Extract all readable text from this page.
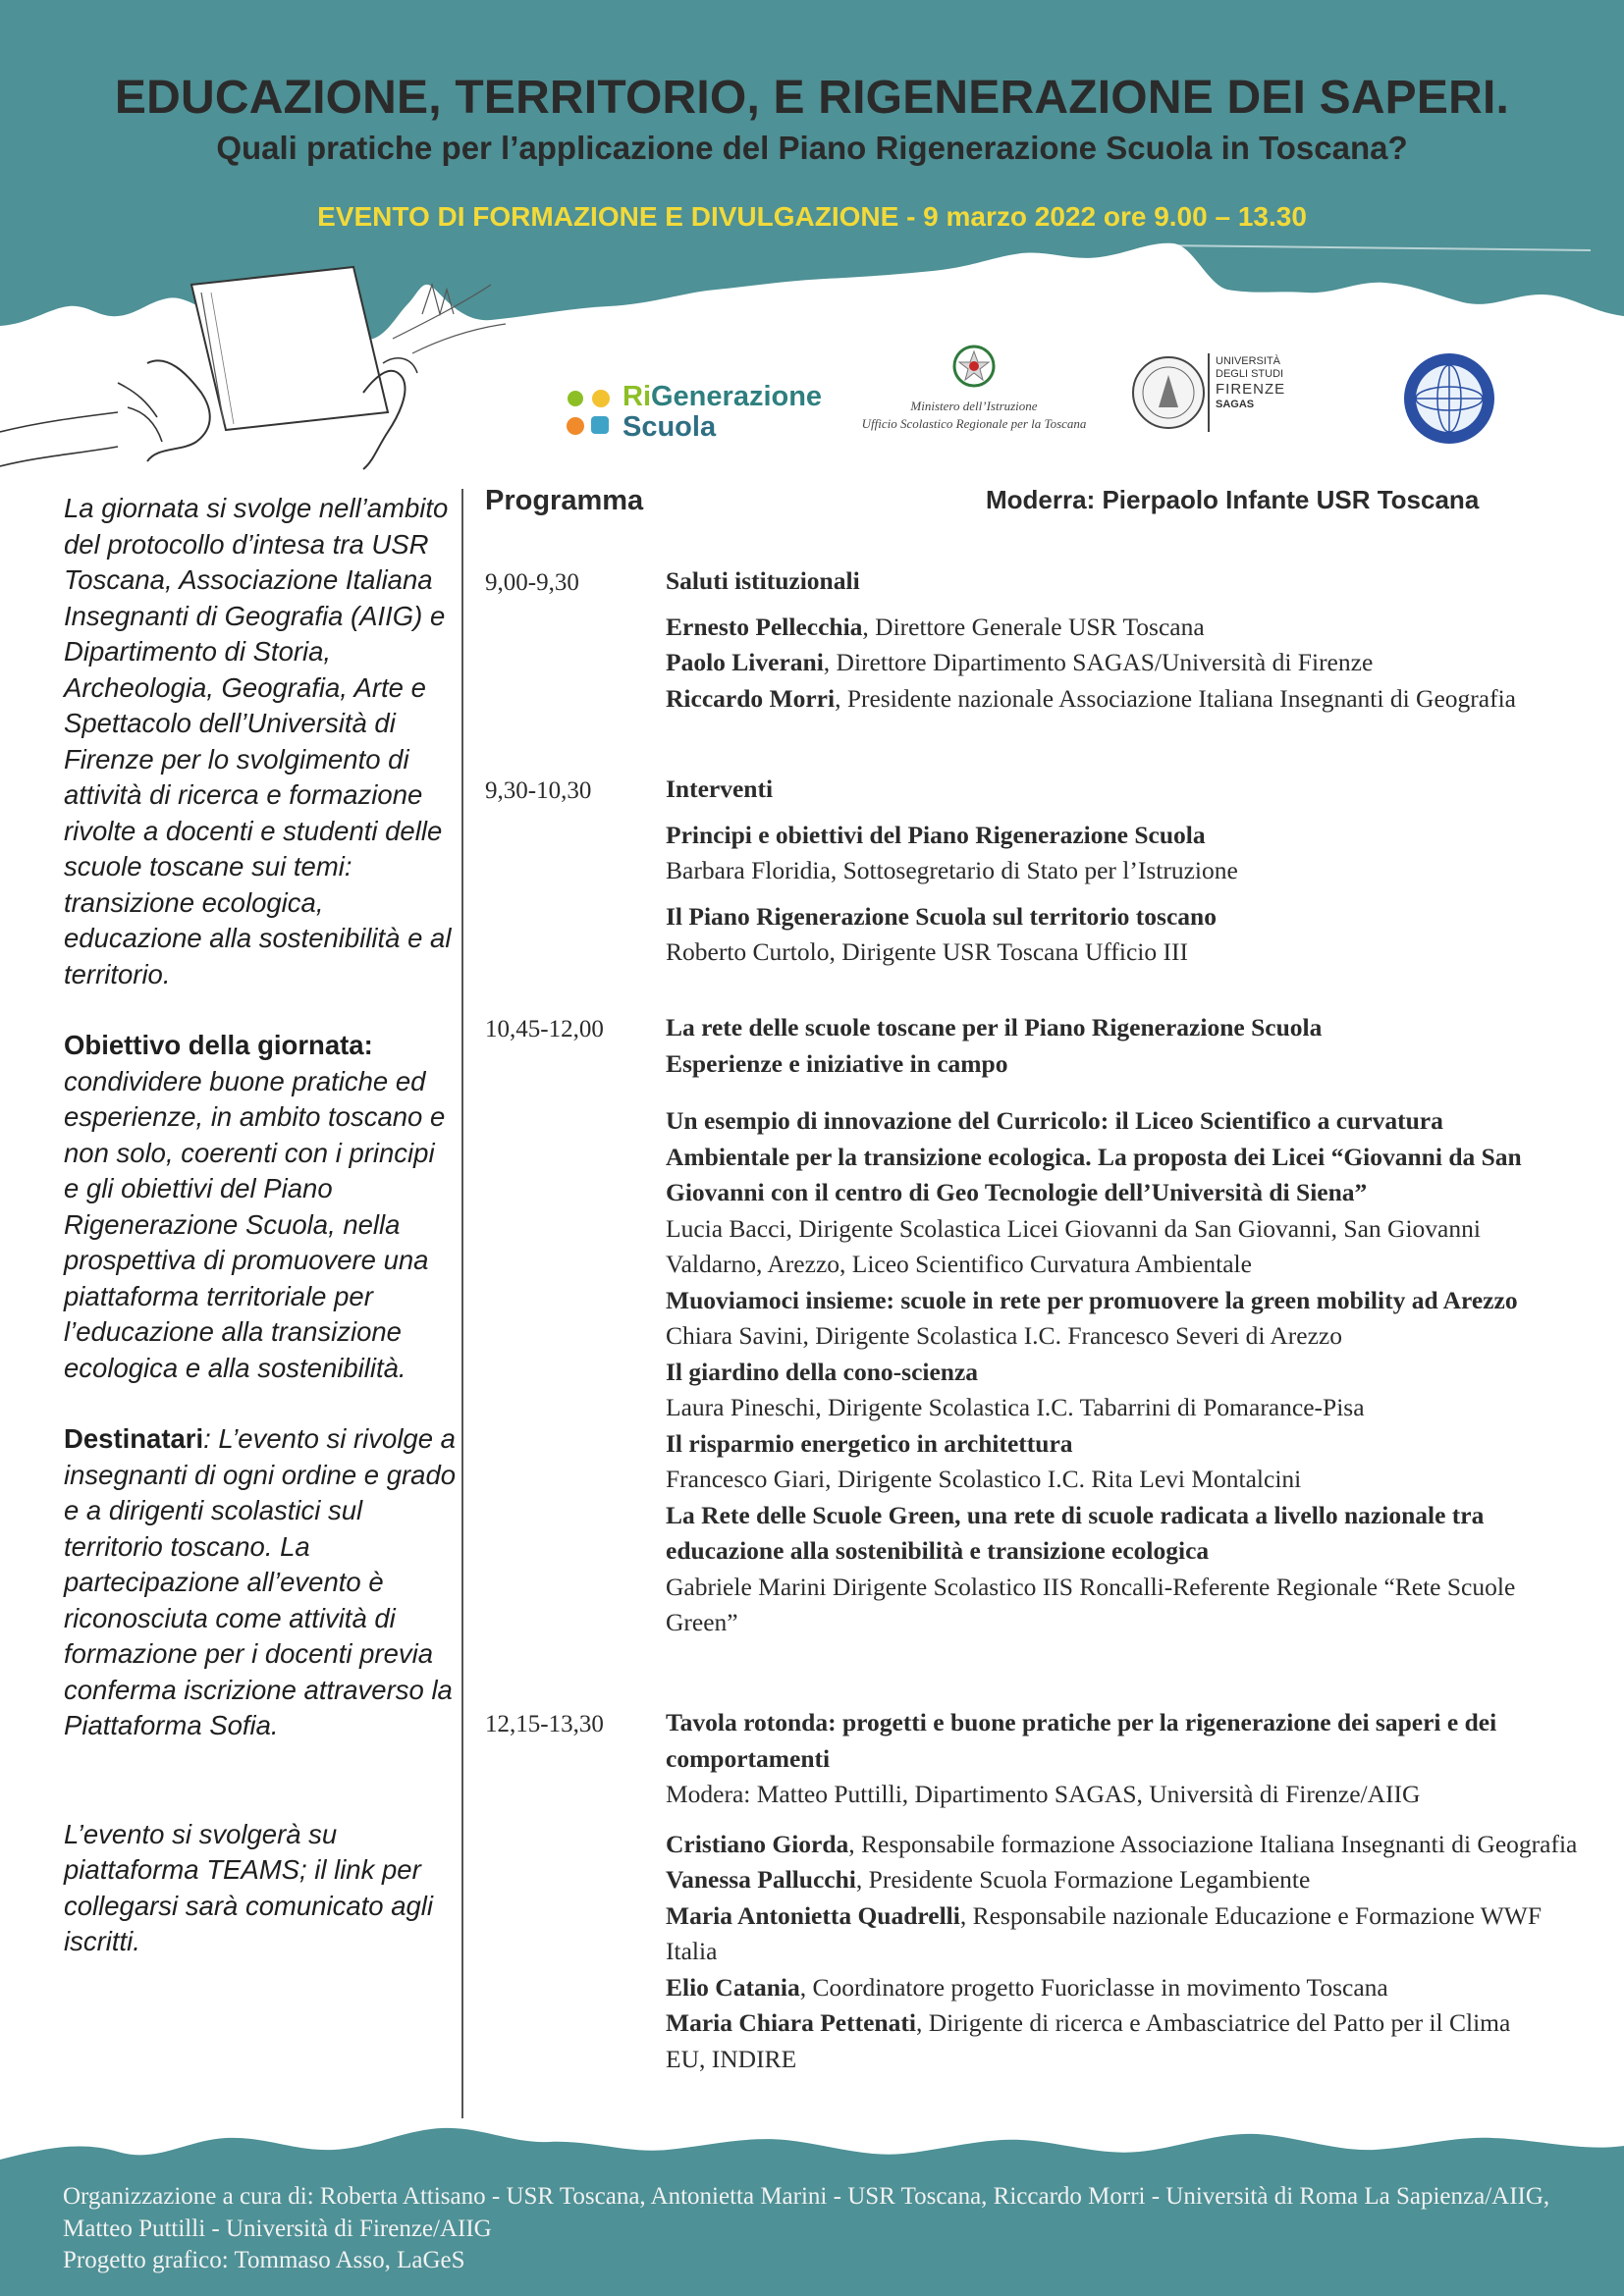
EDUCAZIONE, TERRITORIO, E RIGENERAZIONE DEI SAPERI.
Quali pratiche per l’applicazione del Piano Rigenerazione Scuola in Toscana?
EVENTO DI FORMAZIONE E DIVULGAZIONE - 9 marzo 2022 ore 9.00 – 13.30
RiGenerazione
Scuola
Ministero dell’Istruzione
Ufficio Scolastico Regionale per la Toscana
UNIVERSITÀ
DEGLI STUDI
FIRENZE
SAGAS

La giornata si svolge nell’ambito del protocollo d’intesa tra USR Toscana, Associazione Italiana Insegnanti di Geografia (AIIG) e Dipartimento di Storia, Archeologia, Geografia, Arte e Spettacolo dell’Università di Firenze per lo svolgimento di attività di ricerca e formazione rivolte a docenti e studenti delle scuole toscane sui temi: transizione ecologica, educazione alla sostenibilità e al territorio.

Obiettivo della giornata:
condividere buone pratiche ed esperienze, in ambito toscano e non solo, coerenti con i principi e gli obiettivi del Piano Rigenerazione Scuola, nella prospettiva di promuovere una piattaforma territoriale per l’educazione alla transizione ecologica e alla sostenibilità.

Destinatari: L’evento si rivolge a insegnanti di ogni ordine e grado e a dirigenti scolastici sul territorio toscano. La partecipazione all’evento è riconosciuta come attività di formazione per i docenti previa conferma iscrizione attraverso la Piattaforma Sofia.

L’evento si svolgerà su piattaforma TEAMS; il link per collegarsi sarà comunicato agli iscritti.

Programma	Moderra: Pierpaolo Infante USR Toscana
9,00-9,30	Saluti istituzionali

Ernesto Pellecchia, Direttore Generale USR Toscana

Paolo Liverani, Direttore Dipartimento SAGAS/Università di Firenze

Riccardo Morri, Presidente nazionale Associazione Italiana Insegnanti di Geografia

9,30-10,30	Interventi

Principi e obiettivi del Piano Rigenerazione Scuola

Barbara Floridia, Sottosegretario di Stato per l’Istruzione

Il Piano Rigenerazione Scuola sul territorio toscano

Roberto Curtolo, Dirigente USR Toscana Ufficio III

10,45-12,00 La rete delle scuole toscane per il Piano Rigenerazione Scuola

Esperienze e iniziative in campo

Un esempio di innovazione del Curricolo: il Liceo Scientifico a curvatura Ambientale per la transizione ecologica. La proposta dei Licei “Giovanni da San Giovanni con il centro di Geo Tecnologie dell’Università di Siena”

Lucia Bacci, Dirigente Scolastica Licei Giovanni da San Giovanni, San Giovanni Valdarno, Arezzo, Liceo Scientifico Curvatura Ambientale

Muoviamoci insieme: scuole in rete per promuovere la green mobility ad Arezzo

Chiara Savini, Dirigente Scolastica I.C. Francesco Severi di Arezzo

Il giardino della cono-scienza

Laura Pineschi, Dirigente Scolastica I.C. Tabarrini di Pomarance-Pisa

Il risparmio energetico in architettura

Francesco Giari, Dirigente Scolastico I.C. Rita Levi Montalcini

La Rete delle Scuole Green, una rete di scuole radicata a livello nazionale tra educazione alla sostenibilità e transizione ecologica

Gabriele Marini Dirigente Scolastico IIS Roncalli-Referente Regionale “Rete Scuole Green”

12,15-13,30 Tavola rotonda: progetti e buone pratiche per la rigenerazione dei saperi e dei comportamenti

Modera: Matteo Puttilli, Dipartimento SAGAS, Università di Firenze/AIIG

Cristiano Giorda, Responsabile formazione Associazione Italiana Insegnanti di Geografia

Vanessa Pallucchi, Presidente Scuola Formazione Legambiente

Maria Antonietta Quadrelli, Responsabile nazionale Educazione e Formazione WWF Italia

Elio Catania, Coordinatore progetto Fuoriclasse in movimento Toscana

Maria Chiara Pettenati, Dirigente di ricerca e Ambasciatrice del Patto per il Clima EU, INDIRE

Organizzazione a cura di: Roberta Attisano - USR Toscana, Antonietta Marini - USR Toscana, Riccardo Morri - Università di Roma La Sapienza/AIIG, Matteo Puttilli - Università di Firenze/AIIG

Progetto grafico: Tommaso Asso, LaGeS
